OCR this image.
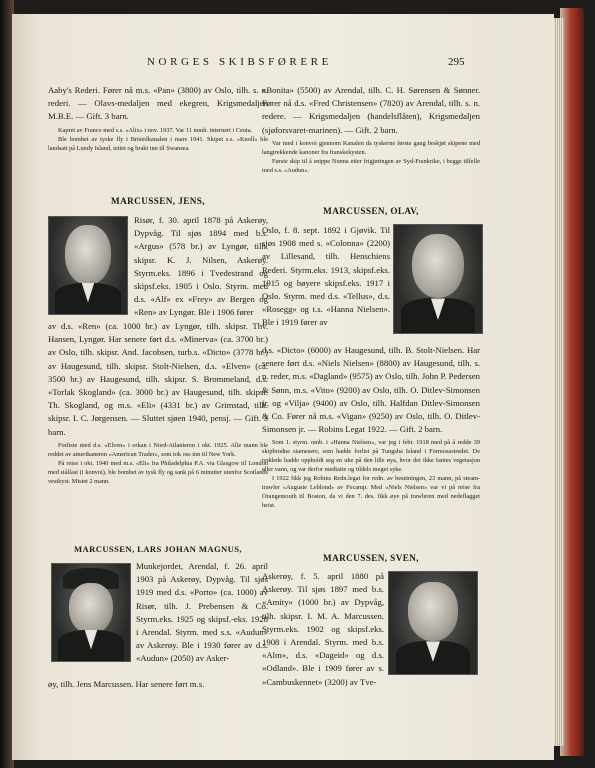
NORGES SKIBSFØRERE	295

Aaby's Rederi. Fører nå m.s. «Pan» (3800) av Oslo, tilh. s. n. rederi. — Olavs-medaljen med ekegren, Krigsmedaljen M.B.E. — Gift. 3 barn.

Kapret av Franco med s.s. «Alix» i nov. 1937. Var 11 mndr. internert i Ceuta.

Ble bombet av tyske fly i Bristolkanalen i mars 1941. Skipet s.s. «Knoll» ble landsatt på Lundy Island, tettet og brakt inn til Swansea.

MARCUSSEN, JENS,

Risør, f. 30. april 1878 på Askerøy, Dypvåg. Til sjøs 1894 med b.s. «Argus» (578 br.) av Lyngør, tilh. skipsr. K. J. Nilsen, Askerøy. Styrm.eks. 1896 i Tvedestrand og skipsf.eks. 1905 i Oslo. Styrm. med d.s. «Alf» ex «Frey» av Bergen og «Ren» av Lyngør. Ble i 1906 fører

av d.s. «Ren» (ca. 1000 br.) av Lyngør, tilh. skipsr. Thv. Hansen, Lyngør. Har senere ført d.s. «Minerva» (ca. 3700 br.) av Oslo, tilh. skipsr. And. Jacobsen, turb.s. «Dicto» (3778 br.) av Haugesund, tilh. skipsr. Stolt-Nielsen, d.s. «Elven» (ca. 3500 br.) av Haugesund, tilh. skipsr. S. Brommeland, d.s. «Torlak Skogland» (ca. 3000 br.) av Haugesund, tilh. skipsr. Th. Skogland, og m.s. «Eli» (4331 br.) av Grimstad, tilh. skipsr. I. C. Jørgensen. — Sluttet sjøen 1940, pensj. — Gift. 3 barn.

Forliste med d.s. «Elven» i orkan i Nord-Atlanteren i okt. 1925. Alle mann ble reddet av amerikaneren «American Trader», som tok oss inn til New York.

På reise i okt. 1940 med m.s. «Eli» fra Philadelphia P.A. via Glasgow til London med stållast (i konvoi), ble bombet av tysk fly og sank på 6 minutter utenfor Scotlands vestkyst. Mistet 2 mann.

MARCUSSEN, LARS JOHAN MAGNUS,

Munkejordet, Arendal, f. 26. april 1903 på Askerøy, Dypvåg. Til sjøs 1919 med d.s. «Porto» (ca. 1000) av Risør, tilh. J. Prebensen & Co. Styrm.eks. 1925 og skipsf.-eks. 1928 i Arendal. Styrm. med s.s. «Audun» av Askerøy. Ble i 1930 fører av d.s. «Audun» (2050) av Asker-

øy, tilh. Jens Marcussen. Har senere ført m.s.

«Bonita» (5500) av Arendal, tilh. C. H. Sørensen & Sønner. Fører nå d.s. «Fred Christensen» (7820) av Arendal, tilh. s. n. redere. — Krigsmedaljen (handelsflåten), Krigsmedaljen (sjøforsvaret-marinen). — Gift. 2 barn.

Var med i konvoi gjennom Kanalen da tyskerne første gang beskjøt skipene med langtrekkende kanoner fra franskekysten.

Første skip til å snippe Nunna etter frigjøringen av Syd-Frankrike, i begge tilfelle med s.s. «Audun».

MARCUSSEN, OLAV,

Oslo, f. 8. sept. 1892 i Gjøvik. Til sjøs 1908 med s. «Colonna» (2200) av Lillesand, tilh. Henschiens Rederi. Styrm.eks. 1913, skipsf.eks. 1915 og høyere skipsf.eks. 1917 i Oslo. Styrm. med d.s. «Tellus», d.s. «Rosegg» og t.s. «Hanna Nielsen». Ble i 1919 fører av

d.s. «Dicto» (6000) av Haugesund, tilh. B. Stolt-Nielsen. Har senere ført d.s. «Niels Nielsen» (8800) av Haugesund, tilh. s. n. reder, m.s. «Dagland» (9575) av Oslo, tilh. John P. Pedersen & Sønn, m.s. «Vito» (9200) av Oslo, tilh. O. Ditlev-Simonsen jr. og «Vilja» (9400) av Oslo, tilh. Halfdan Ditlev-Simonsen & Co. Fører nå m.s. «Vigan» (9250) av Oslo, tilh. O. Ditlev-Simonsen jr. — Robins Legat 1922. — Gift. 2 barn.

Som 1. styrm. omb. i «Hanna Nielsen», var jeg i febr. 1918 med på å redde 39 skipbrudne siamesere, som hadde forlist på Tungsha Island i Formosastredet. De reddede hadde oppholdt seg en uke på den lille øya, hvor det ikke fantes vegetasjon eller vann, og var derfor medtatte og tildels meget syke.

I 1922 fikk jeg Robins Redn.legat for redn. av besetningen, 23 mann, på steam-trawler «Auguste Leblond» av Fecamp. Med «Niels Nielsen» var vi på reise fra Orangemouth til Boston, da vi den 7. des. fikk øye på trawleren med nedeflagget heist.

MARCUSSEN, SVEN,

Askerøy, f. 5. april 1880 på Askerøy. Til sjøs 1897 med b.s. «Amity» (1000 br.) av Dypvåg, tilh. skipsr. I. M. A. Marcussen. Styrm.eks. 1902 og skipsf.eks. 1908 i Arendal. Styrm. med b.s. «Alm», d.s. «Dageid» og d.s. «Odland». Ble i 1909 fører av s. «Cambuskennet» (3200) av Tve-
